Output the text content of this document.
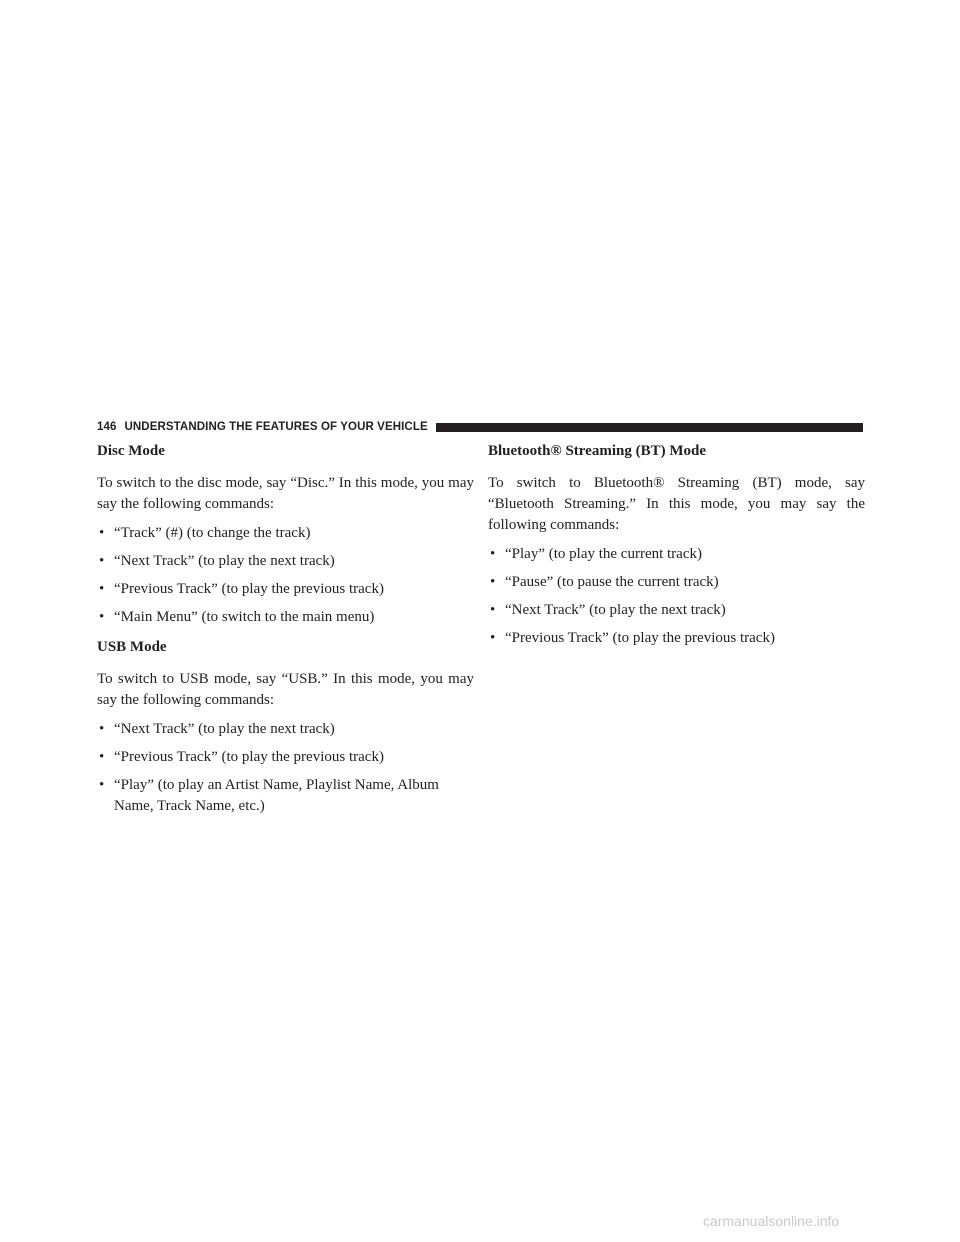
146 UNDERSTANDING THE FEATURES OF YOUR VEHICLE
Disc Mode

To switch to the disc mode, say “Disc.” In this mode, you may say the following commands:

• “Track” (#) (to change the track)
• “Next Track” (to play the next track)
• “Previous Track” (to play the previous track)
• “Main Menu” (to switch to the main menu)
USB Mode

To switch to USB mode, say “USB.” In this mode, you may say the following commands:

• “Next Track” (to play the next track)
• “Previous Track” (to play the previous track)
• “Play” (to play an Artist Name, Playlist Name, Album Name, Track Name, etc.)
Bluetooth® Streaming (BT) Mode

To switch to Bluetooth® Streaming (BT) mode, say “Bluetooth Streaming.” In this mode, you may say the following commands:

• “Play” (to play the current track)
• “Pause” (to pause the current track)
• “Next Track” (to play the next track)
• “Previous Track” (to play the previous track)
carmanualsonline.info
